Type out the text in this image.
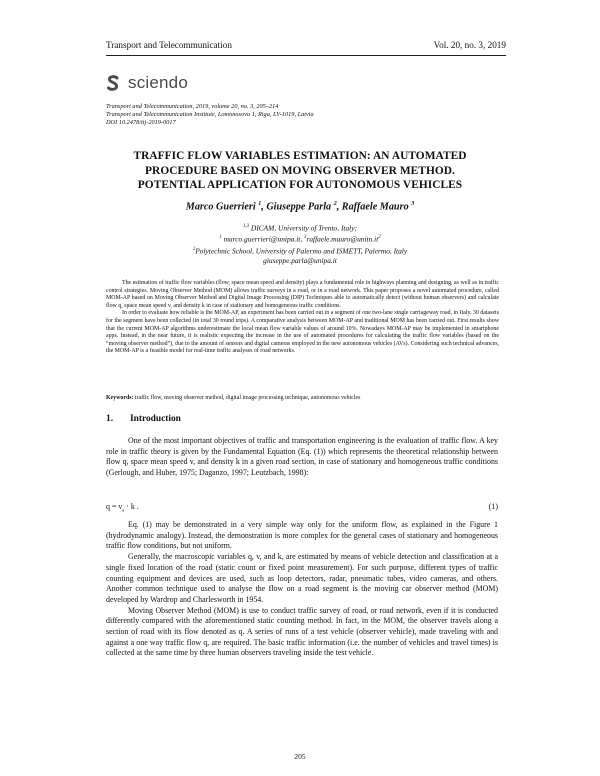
Transport and Telecommunication	Vol. 20, no. 3, 2019
sciendo
Transport and Telecommunication, 2019, volume 20, no. 3, 205–214
Transport and Telecommunication Institute, Lomonosova 1, Riga, LV-1019, Latvia
DOI 10.2478/ttj-2019-0017
TRAFFIC FLOW VARIABLES ESTIMATION: AN AUTOMATED
PROCEDURE BASED ON MOVING OBSERVER METHOD.
POTENTIAL APPLICATION FOR AUTONOMOUS VEHICLES
Marco Guerrieri $^1$, Giuseppe Parla $^2$, Raffaele Mauro $^3$
$^{1,3}$ DICAM, University of Trento, Italy;
$^1$ marco.guerrieri@unipa.it, $^3raffaele.mauro@unitn.it^2$
$^2$Polytechnic School, University of Palermo and ISMETT, Palermo, Italy
giuseppe.parla@unipa.it

The estimation of traffic flow variables (flow, space mean speed and density) plays a fundamental role in highways planning and designing, as well as in traffic control strategies. Moving Observer Method (MOM) allows traffic surveys in a road, or in a road network. This paper proposes a novel automated procedure, called MOM-AP based on Moving Observer Method and Digital Image Processing (DIP) Techniques able to automatically detect (without human observers) and calculate flow q, space mean speed v, and density k in case of stationary and homogeneous traffic conditions.

In order to evaluate how reliable is the MOM-AP, an experiment has been carried out in a segment of one two-lane single carriageway road, in Italy. 30 datasets for the segment have been collected (in total 30 round trips). A comparative analysis between MOM-AP and traditional MOM has been carried out. First results show that the current MOM-AP algorithms underestimate the local mean flow variable values of around 10%. Nowadays MOM-AP may be implemented in smartphone apps. Instead, in the near future, it is realistic expecting the increase in the use of automated procedures for calculating the traffic flow variables (based on the “moving observer method”), due to the amount of sensors and digital cameras employed in the new autonomous vehicles (AVs). Considering such technical advances, the MOM-AP is a feasible model for real-time traffic analyses of road networks.

Keywords: traffic flow, moving observer method, digital image processing technique, autonomous vehicles
1. Introduction

One of the most important objectives of traffic and transportation engineering is the evaluation of traffic flow. A key role in traffic theory is given by the Fundamental Equation (Eq. (1)) which represents the theoretical relationship between flow q, space mean speed v, and density k in a given road section, in case of stationary and homogeneous traffic conditions (Gerlough, and Huber, 1975; Daganzo, 1997; Leutzbach, 1998):

$q = v_s \cdot k$ .	(1)

Eq. (1) may be demonstrated in a very simple way only for the uniform flow, as explained in the Figure 1 (hydrodynamic analogy). Instead, the demonstration is more complex for the general cases of stationary and homogeneous traffic flow conditions, but not uniform.

Generally, the macroscopic variables q, v, and k, are estimated by means of vehicle detection and classification at a single fixed location of the road (static count or fixed point measurement). For such purpose, different types of traffic counting equipment and devices are used, such as loop detectors, radar, pneumatic tubes, video cameras, and others. Another common technique used to analyse the flow on a road segment is the moving car observer method (MOM) developed by Wardrop and Charlesworth in 1954.

Moving Observer Method (MOM) is use to conduct traffic survey of road, or road network, even if it is conducted differently compared with the aforementioned static counting method. In fact, in the MOM, the observer travels along a section of road with its flow denoted as q. A series of runs of a test vehicle (observer vehicle), made traveling with and against a one way traffic flow q, are required. The basic traffic information (i.e. the number of vehicles and travel times) is collected at the same time by three human observers traveling inside the test vehicle.

205
